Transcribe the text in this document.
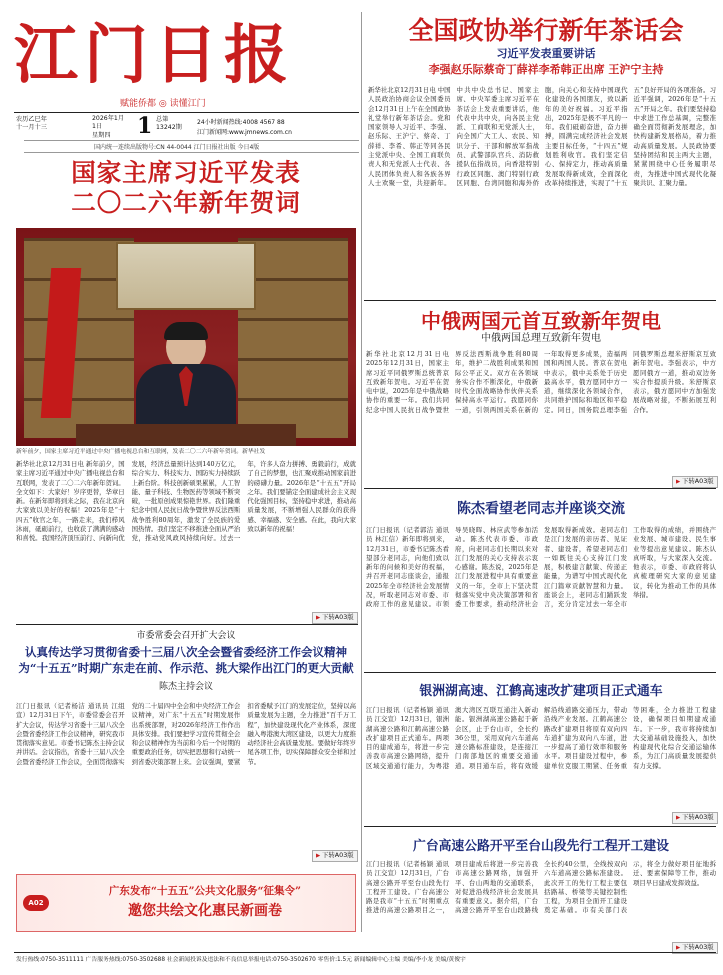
江门日报
赋能侨都 ◎ 读懂江门
农历乙巳年
十一月十三
2026年1月
1日
星期四	1 总第
13242期
24小时新闻热线:4008 4567 88
江门新闻网:www.jmnews.com.cn
国内统一连续出版物号:CN 44-0044 江门日报社出版 今日4版
全国政协举行新年茶话会
习近平发表重要讲话
李强赵乐际蔡奇丁薛祥李希韩正出席 王沪宁主持
新华社北京12月31日电 中国人民政治协商会议全国委员会12月31日上午在全国政协礼堂举行新年茶话会。党和国家领导人习近平、李强、赵乐际、王沪宁、蔡奇、丁薛祥、李希、韩正等同各民主党派中央、全国工商联负责人和无党派人士代表、各人民团体负责人和各族各界人士欢聚一堂，共迎新年。中共中央总书记、国家主席、中央军委主席习近平在茶话会上发表重要讲话，他代表中共中央，向各民主党派、工商联和无党派人士，向全国广大工人、农民、知识分子、干部和解放军指战员、武警部队官兵、消防救援队伍指战员，向香港特别行政区同胞、澳门特别行政区同胞、台湾同胞和海外侨胞，向关心和支持中国现代化建设的各国朋友，致以新年的美好祝福。习近平指出，2025年是极不平凡的一年。我们砥砺奋进，奋力拼搏，圆满完成经济社会发展主要目标任务，“十四五”规划胜利收官。我们坚定信心、保持定力，推动高质量发展取得新成效，全面深化改革持续推进，实现了“十五五”良好开局的各项准备。习近平强调，2026年是“十五五”开局之年。我们要坚持稳中求进工作总基调，完整准确全面贯彻新发展理念，加快构建新发展格局，着力推动高质量发展。人民政协要坚持团结和民主两大主题，紧紧围绕中心任务履职尽责，为推进中国式现代化凝聚共识、汇聚力量。
国家主席习近平发表
二〇二六年新年贺词
新年前夕，国家主席习近平通过中央广播电视总台和互联网，发表二〇二六年新年贺词。新华社发
新华社北京12月31日电 新年前夕，国家主席习近平通过中央广播电视总台和互联网，发表了二〇二六年新年贺词。全文如下：大家好！岁序更替，华章日新。在新年即将到来之际，我在北京向大家致以美好的祝福！2025年是“十四五”收官之年，一路走来，我们栉风沐雨，砥砺前行，也收获了满满的感动和喜悦。我国经济顶压前行、向新向优发展，经济总量预计达到140万亿元，综合实力、科技实力、国防实力持续跃上新台阶。科技创新硕果累累，人工智能、量子科技、生物医药等领域不断突破，一批原创成果惊艳世界。我们隆重纪念中国人民抗日战争暨世界反法西斯战争胜利80周年，激发了全民族的爱国热情。我们坚定不移推进全面从严治党，推动党风政风持续向好。过去一年，许多人奋力拼搏、勇毅前行，成就了自己的梦想，也汇聚成推动国家前进的磅礴力量。2026年是“十五五”开局之年。我们要锚定全面建成社会主义现代化强国目标，坚持稳中求进，推动高质量发展，不断增强人民群众的获得感、幸福感、安全感。在此，我向大家致以新年的祝福！
▶ 下转A03版
中俄两国元首互致新年贺电
中俄两国总理互致新年贺电
新华社北京12月31日电 2025年12月31日，国家主席习近平同俄罗斯总统普京互致新年贺电。习近平在贺电中说，2025年是中俄战略协作的重要一年。我们共同纪念中国人民抗日战争暨世界反法西斯战争胜利80周年，维护二战胜利成果和国际公平正义。双方在各领域务实合作不断深化，中俄新时代全面战略协作伙伴关系保持高水平运行。我愿同你一道，引领两国关系在新的一年取得更多成果，造福两国和两国人民。普京在贺电中表示，俄中关系处于历史最高水平，俄方愿同中方一道，继续深化各领域合作，共同维护国际和地区和平稳定。同日，国务院总理李强同俄罗斯总理米舒斯京互致新年贺电。李强表示，中方愿同俄方一道，推动双边务实合作提质升级。米舒斯京表示，俄方愿同中方加强发展战略对接，不断拓展互利合作。
▶ 下转A03版
陈杰看望老同志并座谈交流
江门日报讯（记者郭洁 通讯员 林江信）新年即将到来，12月31日，市委书记陈杰看望部分老同志，向他们致以新年的问候和美好的祝福，并召开老同志座谈会，通报2025年全市经济社会发展情况，听取老同志对市委、市政府工作的意见建议。市领导吴晓晖、林应武等参加活动。陈杰代表市委、市政府，向老同志们长期以来对江门发展的关心支持表示衷心感谢。陈杰说，2025年是江门发展进程中具有重要意义的一年，全市上下坚决贯彻落实党中央决策部署和省委工作要求，推动经济社会发展取得新成效。老同志们是江门发展的亲历者、见证者、建设者，希望老同志们一如既往关心支持江门发展，积极建言献策、传递正能量，为谱写中国式现代化江门篇章贡献智慧和力量。座谈会上，老同志们踊跃发言，充分肯定过去一年全市工作取得的成绩，并围绕产业发展、城市建设、民生事业等提出意见建议。陈杰认真听取，与大家深入交流。他表示，市委、市政府将认真梳理研究大家的意见建议，转化为推动工作的具体举措。
市委常委会召开扩大会议
认真传达学习贯彻省委十三届八次全会暨省委经济工作会议精神
为“十五五”时期广东走在前、作示范、挑大梁作出江门的更大贡献
陈杰主持会议
江门日报讯（记者杨洁 通讯员 江组宣）12月31日下午，市委常委会召开扩大会议，传达学习省委十三届八次全会暨省委经济工作会议精神，研究我市贯彻落实意见。市委书记陈杰主持会议并讲话。会议指出，省委十三届八次全会暨省委经济工作会议，全面贯彻落实党的二十届四中全会和中央经济工作会议精神，对广东“十五五”时期发展作出系统部署，对2026年经济工作作出具体安排。我们要把学习宣传贯彻全会和会议精神作为当前和今后一个时期的重要政治任务，切实把思想和行动统一到省委决策部署上来。会议强调，要紧扣省委赋予江门的发展定位，坚持以高质量发展为主题，全力推进“百千万工程”，加快建设现代化产业体系，深度融入粤港澳大湾区建设，以更大力度推动经济社会高质量发展。要做好年终岁尾各项工作，切实保障群众安全祥和过节。
▶ 下转A03版
银洲湖高速、江鹤高速改扩建项目正式通车
江门日报讯（记者杨颖 通讯员 江交宣）12月31日，银洲湖高速公路和江鹤高速公路改扩建项目正式通车。两项目的建成通车，将进一步完善我市高速公路网络，提升区域交通通行能力，为粤港澳大湾区互联互通注入新动能。银洲湖高速公路起于新会区，止于台山市，全长约36公里，采用双向六车道高速公路标准建设，是连接江门南部地区的重要交通通道。项目通车后，将有效缓解沿线道路交通压力，带动沿线产业发展。江鹤高速公路改扩建项目将原有双向四车道扩建为双向八车道，进一步提高了通行效率和服务水平。项目建设过程中，参建单位克服工期紧、任务重等困难，全力推进工程建设，确保项目如期建成通车。下一步，我市将持续加大交通基础设施投入，加快构建现代化综合交通运输体系，为江门高质量发展提供有力支撑。
▶ 下转A03版
广台高速公路开平至台山段先行工程开工建设
江门日报讯（记者杨颖 通讯员 江交宣）12月31日，广台高速公路开平至台山段先行工程开工建设。广台高速公路是我市“十五五”时期重点推进的高速公路项目之一，项目建成后将进一步完善我市高速公路网络，加强开平、台山两地的交通联系，对促进沿线经济社会发展具有重要意义。据介绍，广台高速公路开平至台山段路线全长约40公里，全线按双向六车道高速公路标准建设。此次开工的先行工程主要包括路基、桥梁等关键控制性工程，为项目全面开工建设奠定基础。市有关部门表示，将全力做好项目征地拆迁、要素保障等工作，推动项目早日建成发挥效益。
▶ 下转A03版
A02
广东发布“十五五”公共文化服务“征集令”
邀您共绘文化惠民新画卷
发行热线:0750-3511111 广告服务热线:0750-3502688 社会新闻投诉及违法和不良信息举报电话:0750-3502670 零售价:1.5元 新闻编辑中心主编 美编/李小龙 美编/黄俊宇
